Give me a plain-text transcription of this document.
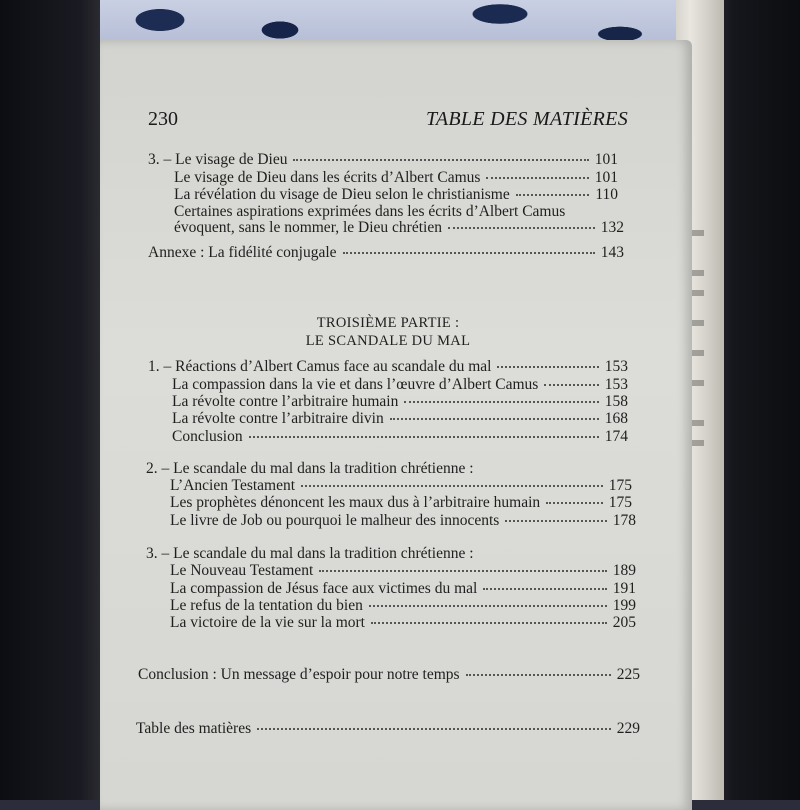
230	TABLE DES MATIÈRES
3. – Le visage de Dieu	101
Le visage de Dieu dans les écrits d’Albert Camus	101
La révélation du visage de Dieu selon le christianisme	110
Certaines aspirations exprimées dans les écrits d’Albert Camus
évoquent, sans le nommer, le Dieu chrétien	132
Annexe : La fidélité conjugale	143
TROISIÈME PARTIE :
LE SCANDALE DU MAL
1. – Réactions d’Albert Camus face au scandale du mal	153
La compassion dans la vie et dans l’œuvre d’Albert Camus	153
La révolte contre l’arbitraire humain	158
La révolte contre l’arbitraire divin	168
Conclusion	174
2. – Le scandale du mal dans la tradition chrétienne :
L’Ancien Testament	175
Les prophètes dénoncent les maux dus à l’arbitraire humain	175
Le livre de Job ou pourquoi le malheur des innocents	178
3. – Le scandale du mal dans la tradition chrétienne :
Le Nouveau Testament	189
La compassion de Jésus face aux victimes du mal	191
Le refus de la tentation du bien	199
La victoire de la vie sur la mort	205
Conclusion : Un message d’espoir pour notre temps	225
Table des matières	229
